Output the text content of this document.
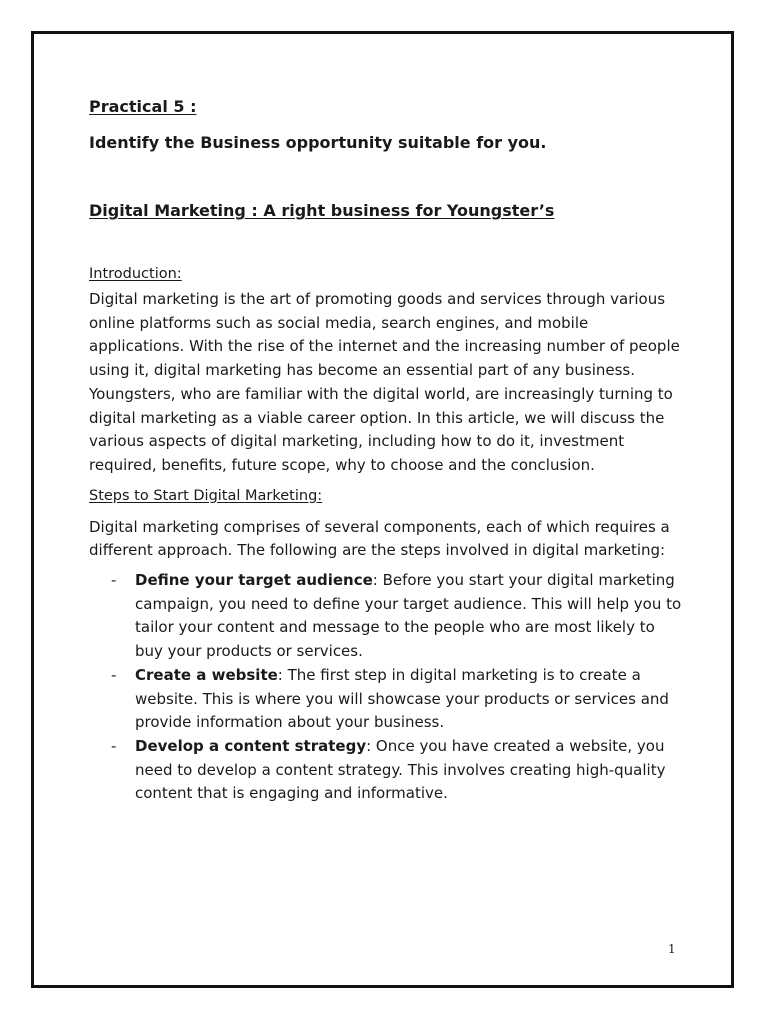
Practical 5 :

Identify the Business opportunity suitable for you.

Digital Marketing : A right business for Youngster’s

Introduction:

Digital marketing is the art of promoting goods and services through various online platforms such as social media, search engines, and mobile applications. With the rise of the internet and the increasing number of people using it, digital marketing has become an essential part of any business. Youngsters, who are familiar with the digital world, are increasingly turning to digital marketing as a viable career option. In this article, we will discuss the various aspects of digital marketing, including how to do it, investment required, benefits, future scope, why to choose and the conclusion.

Steps to Start Digital Marketing:

Digital marketing comprises of several components, each of which requires a different approach. The following are the steps involved in digital marketing:

- Define your target audience: Before you start your digital marketing campaign, you need to define your target audience. This will help you to tailor your content and message to the people who are most likely to buy your products or services.
- Create a website: The first step in digital marketing is to create a website. This is where you will showcase your products or services and provide information about your business.
- Develop a content strategy: Once you have created a website, you need to develop a content strategy. This involves creating high-quality content that is engaging and informative.
1
